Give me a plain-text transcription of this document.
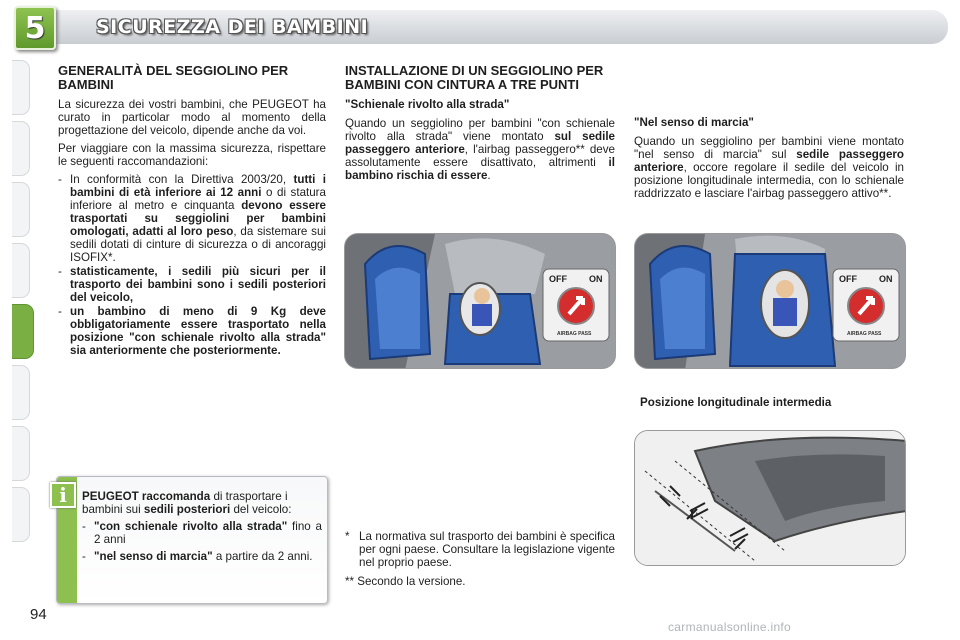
5	SICUREZZA DEI BAMBINI
GENERALITÀ DEL SEGGIOLINO PER BAMBINI

La sicurezza dei vostri bambini, che PEUGEOT ha curato in particolar modo al momento della progettazione del veicolo, dipende anche da voi.

Per viaggiare con la massima sicurezza, rispettare le seguenti raccomandazioni:

- In conformità con la Direttiva 2003/20, tutti i bambini di età inferiore ai 12 anni o di statura inferiore al metro e cinquanta devono essere trasportati su seggiolini per bambini omologati, adatti al loro peso, da sistemare sui sedili dotati di cinture di sicurezza o di ancoraggi ISOFIX*.
- statisticamente, i sedili più sicuri per il trasporto dei bambini sono i sedili posteriori del veicolo,
- un bambino di meno di 9 Kg deve obbligatoriamente essere trasportato nella posizione "con schienale rivolto alla strada" sia anteriormente che posteriormente.
i	PEUGEOT raccomanda di trasportare i bambini sui sedili posteriori del veicolo:

- "con schienale rivolto alla strada" fino a 2 anni
- "nel senso di marcia" a partire da 2 anni.
INSTALLAZIONE DI UN SEGGIOLINO PER BAMBINI CON CINTURA A TRE PUNTI
"Schienale rivolto alla strada"

Quando un seggiolino per bambini "con schienale rivolto alla strada" viene montato sul sedile passeggero anteriore, l'airbag passeggero** deve assolutamente essere disattivato, altrimenti il bambino rischia di essere.

"Nel senso di marcia"

Quando un seggiolino per bambini viene montato "nel senso di marcia" sul sedile passeggero anteriore, occore regolare il sedile del veicolo in posizione longitudinale intermedia, con lo schienale raddrizzato e lasciare l'airbag passeggero attivo**.

OFF ON
AIRBAG PASS
OFF ON
AIRBAG PASS
Posizione longitudinale intermedia
* La normativa sul trasporto dei bambini è specifica per ogni paese. Consultare la legislazione vigente nel proprio paese.
** Secondo la versione.
94
carmanualsonline.info
